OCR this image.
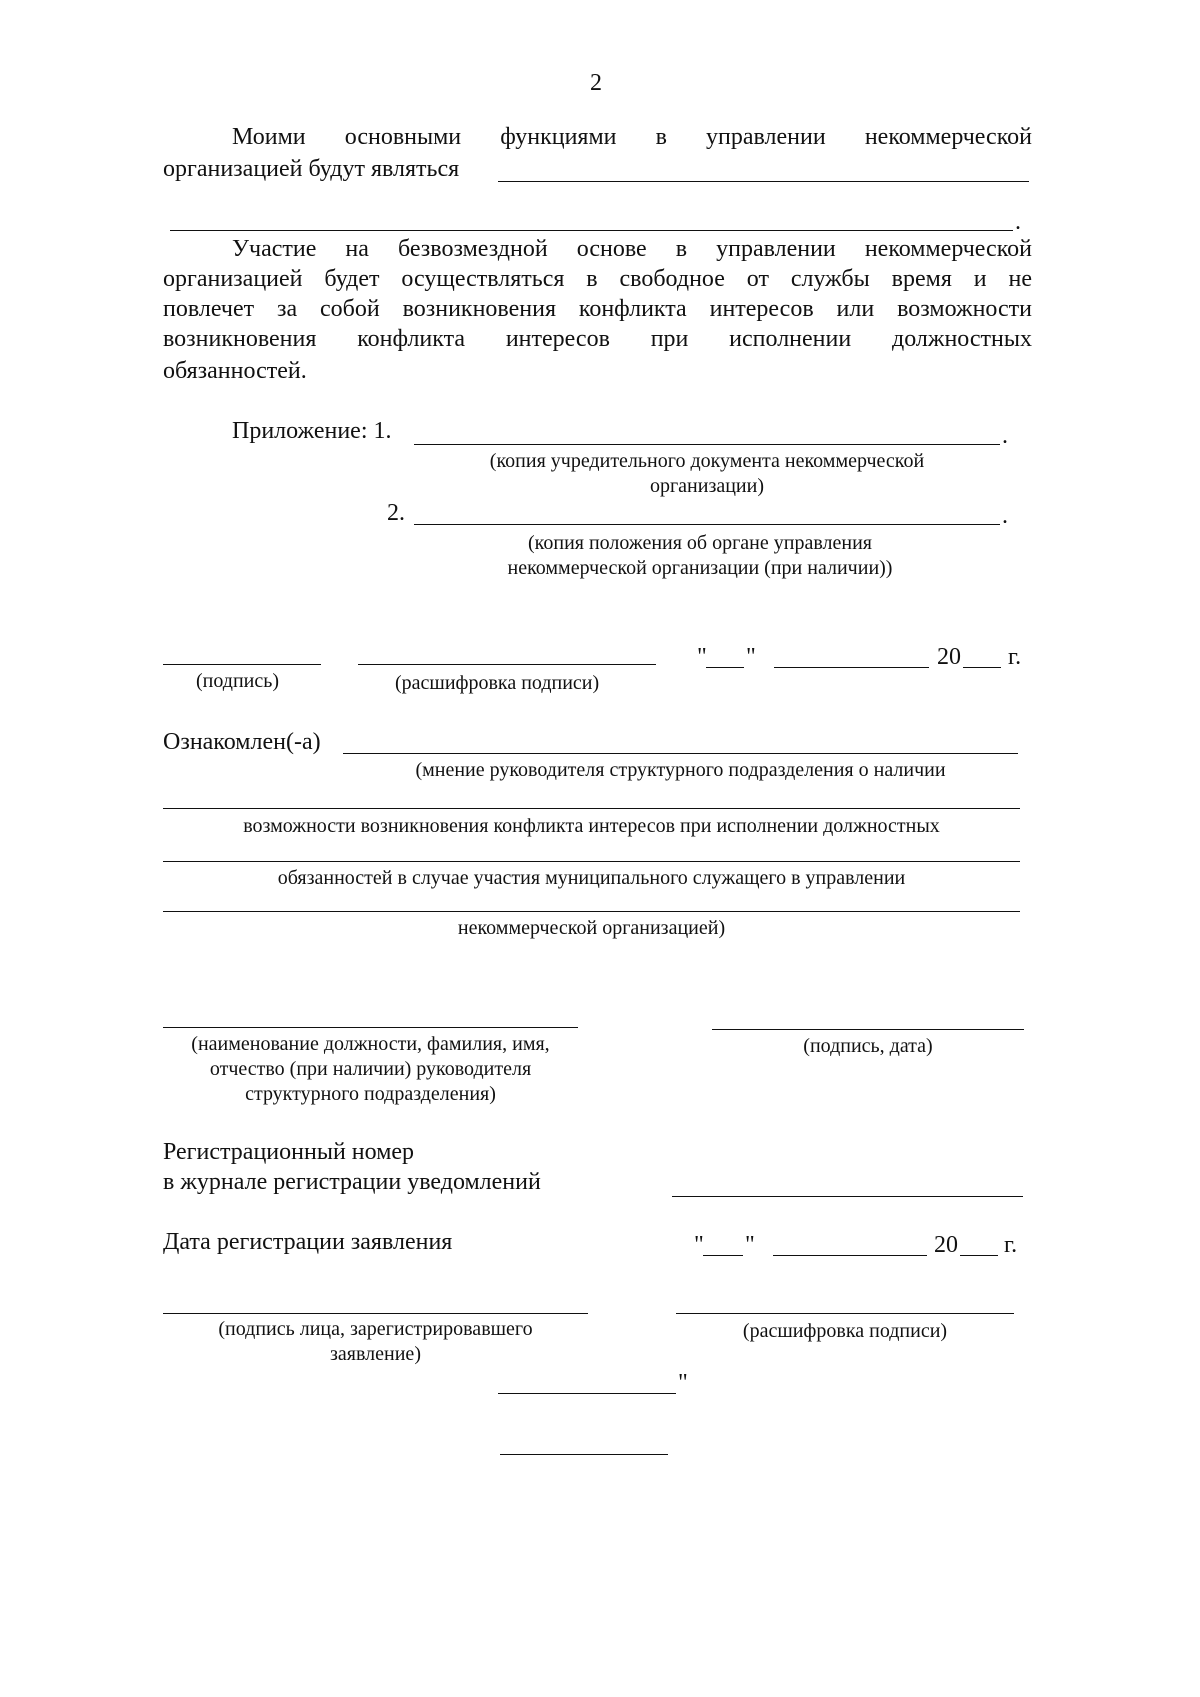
2
Моими основными функциями в управлении некоммерческой
организацией будут являться
.
Участие на безвозмездной основе в управлении некоммерческой
организацией будет осуществляться в свободное от службы время и не
повлечет за собой возникновения конфликта интересов или возможности
возникновения конфликта интересов при исполнении должностных
обязанностей.
Приложение: 1.	.
(копия учредительного документа некоммерческой
организации)
2.	.
(копия положения об органе управления
некоммерческой организации (при наличии))
" "	20 г.
(подпись)	(расшифровка подписи)
Ознакомлен(-а)
(мнение руководителя структурного подразделения о наличии
возможности возникновения конфликта интересов при исполнении должностных
обязанностей в случае участия муниципального служащего в управлении
некоммерческой организацией)
(наименование должности, фамилия, имя,
отчество (при наличии) руководителя
структурного подразделения)
(подпись, дата)
Регистрационный номер
в журнале регистрации уведомлений
Дата регистрации заявления	" "	20 г.
(подпись лица, зарегистрировавшего
заявление)
(расшифровка подписи)
"
